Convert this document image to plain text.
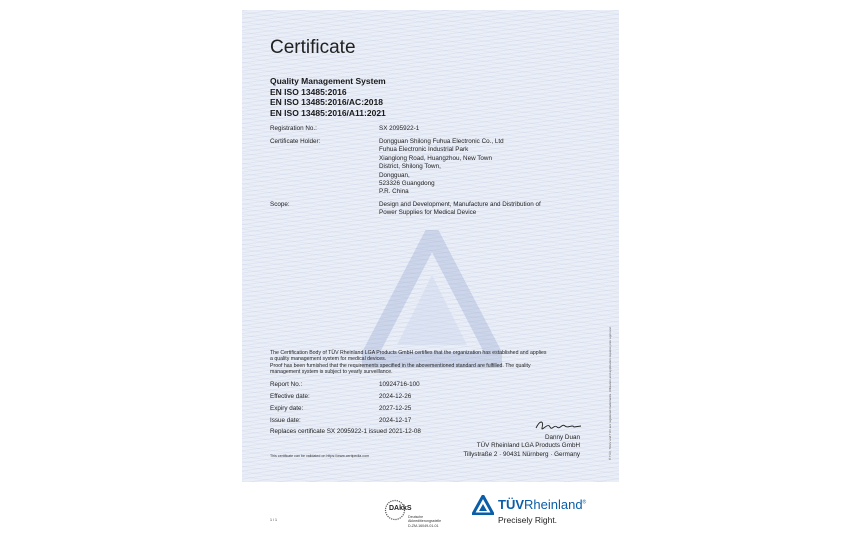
Certificate
Quality Management System
EN ISO 13485:2016
EN ISO 13485:2016/AC:2018
EN ISO 13485:2016/A11:2021
Registration No.:	SX 2095922-1
Certificate Holder:	Dongguan Shilong Fuhua Electronic Co., Ltd
Fuhua Electronic Industrial Park
Xianglong Road, Huangzhou, New Town
District, Shilong Town,
Dongguan,
523326 Guangdong
P.R. China
Scope:	Design and Development, Manufacture and Distribution of
Power Supplies for Medical Device
The Certification Body of TÜV Rheinland LGA Products GmbH certifies that the organization has established and applies
a quality management system for medical devices.
Proof has been furnished that the requirements specified in the abovementioned standard are fulfilled. The quality
management system is subject to yearly surveillance.
Report No.:	10924716-100
Effective date:	2024-12-26
Expiry date:	2027-12-25
Issue date:	2024-12-17
Replaces certificate SX 2095922-1 issued 2021-12-08
This certificate can be validated on https://www.certipedia.com
Danny Duan
TÜV Rheinland LGA Products GmbH
Tillystraße 2 · 90431 Nürnberg · Germany	® TÜV, TUEV and TUV are registered trademarks. Utilisation and application requires prior approval.
1 / 1
DAkkS
Deutsche
Akkreditierungsstelle
D-ZM-16049-01-01
TÜVRheinland®
Precisely Right.
